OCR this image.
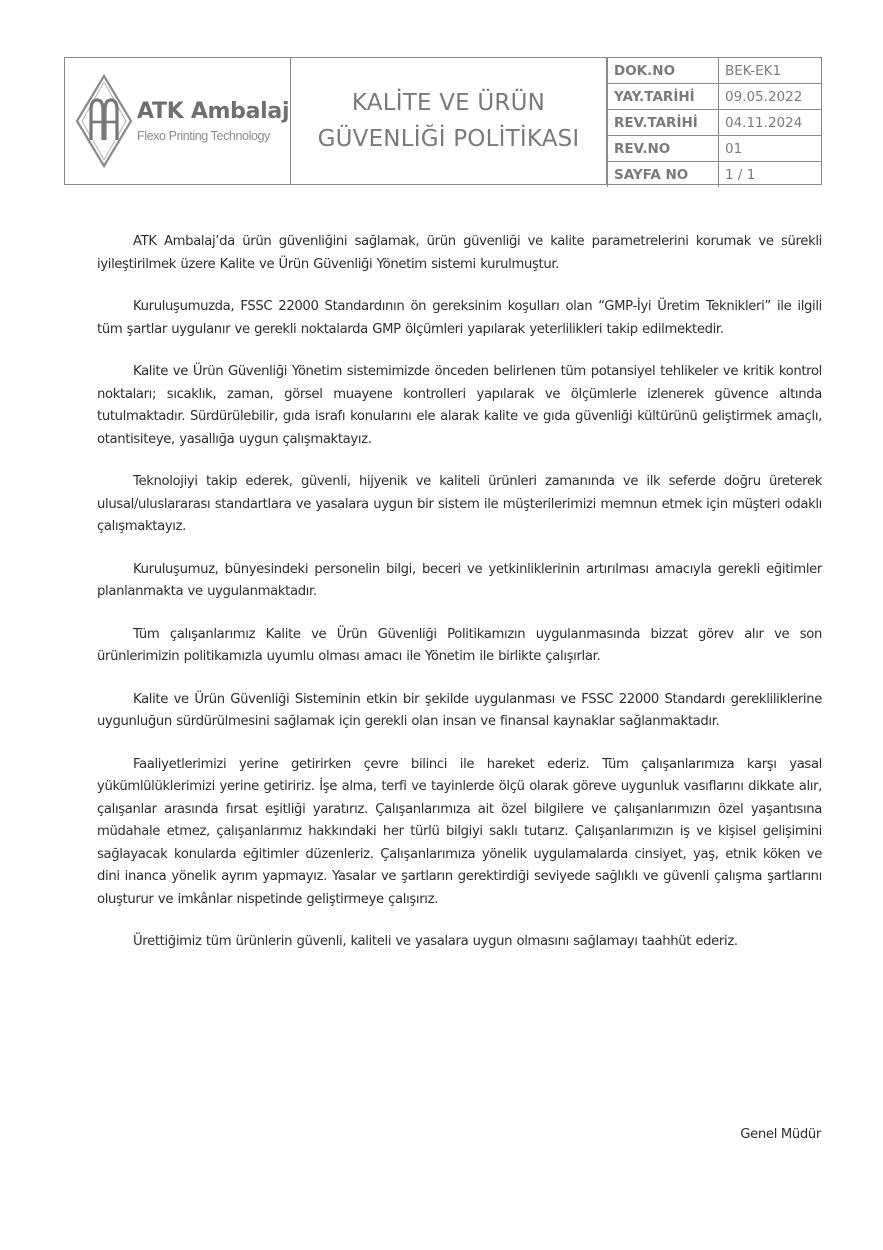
ATK Ambalaj
Flexo Printing Technology
KALİTE VE ÜRÜN
GÜVENLİĞİ POLİTİKASI
DOK.NO	BEK-EK1
YAY.TARİHİ	09.05.2022
REV.TARİHİ	04.11.2024
REV.NO	01
SAYFA NO	1 / 1

ATK Ambalaj’da ürün güvenliğini sağlamak, ürün güvenliği ve kalite parametrelerini korumak ve sürekli iyileştirilmek üzere Kalite ve Ürün Güvenliği Yönetim sistemi kurulmuştur.

Kuruluşumuzda, FSSC 22000 Standardının ön gereksinim koşulları olan “GMP-İyi Üretim Teknikleri” ile ilgili tüm şartlar uygulanır ve gerekli noktalarda GMP ölçümleri yapılarak yeterlilikleri takip edilmektedir.

Kalite ve Ürün Güvenliği Yönetim sistemimizde önceden belirlenen tüm potansiyel tehlikeler ve kritik kontrol noktaları; sıcaklık, zaman, görsel muayene kontrolleri yapılarak ve ölçümlerle izlenerek güvence altında tutulmaktadır. Sürdürülebilir, gıda israfı konularını ele alarak kalite ve gıda güvenliği kültürünü geliştirmek amaçlı, otantisiteye, yasallığa uygun çalışmaktayız.

Teknolojiyi takip ederek, güvenli, hijyenik ve kaliteli ürünleri zamanında ve ilk seferde doğru üreterek ulusal/uluslararası standartlara ve yasalara uygun bir sistem ile müşterilerimizi memnun etmek için müşteri odaklı çalışmaktayız.

Kuruluşumuz, bünyesindeki personelin bilgi, beceri ve yetkinliklerinin artırılması amacıyla gerekli eğitimler planlanmakta ve uygulanmaktadır.

Tüm çalışanlarımız Kalite ve Ürün Güvenliği Politikamızın uygulanmasında bizzat görev alır ve son ürünlerimizin politikamızla uyumlu olması amacı ile Yönetim ile birlikte çalışırlar.

Kalite ve Ürün Güvenliği Sisteminin etkin bir şekilde uygulanması ve FSSC 22000 Standardı gerekliliklerine uygunluğun sürdürülmesini sağlamak için gerekli olan insan ve finansal kaynaklar sağlanmaktadır.

Faaliyetlerimizi yerine getirirken çevre bilinci ile hareket ederiz. Tüm çalışanlarımıza karşı yasal yükümlülüklerimizi yerine getiririz. İşe alma, terfi ve tayinlerde ölçü olarak göreve uygunluk vasıflarını dikkate alır, çalışanlar arasında fırsat eşitliği yaratırız. Çalışanlarımıza ait özel bilgilere ve çalışanlarımızın özel yaşantısına müdahale etmez, çalışanlarımız hakkındaki her türlü bilgiyi saklı tutarız. Çalışanlarımızın iş ve kişisel gelişimini sağlayacak konularda eğitimler düzenleriz. Çalışanlarımıza yönelik uygulamalarda cinsiyet, yaş, etnik köken ve dini inanca yönelik ayrım yapmayız. Yasalar ve şartların gerektirdiği seviyede sağlıklı ve güvenli çalışma şartlarını oluşturur ve imkânlar nispetinde geliştirmeye çalışırız.

Ürettiğimiz tüm ürünlerin güvenli, kaliteli ve yasalara uygun olmasını sağlamayı taahhüt ederiz.

Genel Müdür
